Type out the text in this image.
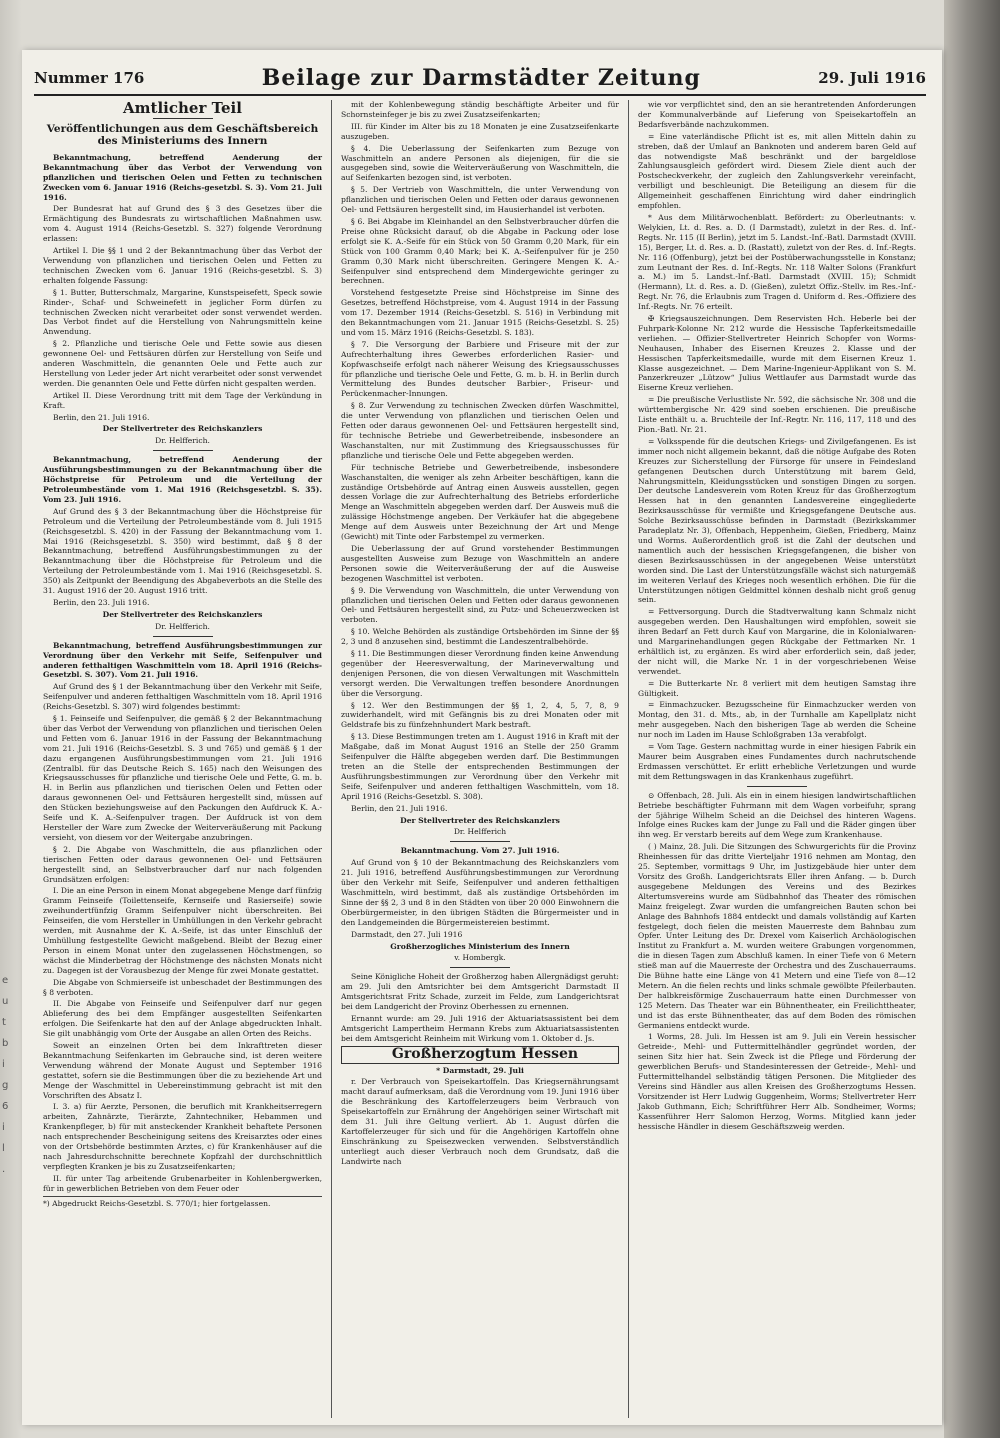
e
u
t
b
i
g
6
i
l
.
Nummer 176	Beilage zur Darmstädter Zeitung	29. Juli 1916

Amtlicher Teil

Veröffentlichungen aus dem Geschäftsbereich des Ministeriums des Innern

Bekanntmachung, betreffend Aenderung der Bekanntmachung über das Verbot der Verwendung von pflanzlichen und tierischen Oelen und Fetten zu technischen Zwecken vom 6. Januar 1916 (Reichs-gesetzbl. S. 3). Vom 21. Juli 1916.

Der Bundesrat hat auf Grund des § 3 des Gesetzes über die Ermächtigung des Bundesrats zu wirtschaftlichen Maßnahmen usw. vom 4. August 1914 (Reichs-Gesetzbl. S. 327) folgende Verordnung erlassen:

Artikel I. Die §§ 1 und 2 der Bekanntmachung über das Verbot der Verwendung von pflanzlichen und tierischen Oelen und Fetten zu technischen Zwecken vom 6. Januar 1916 (Reichs-gesetzbl. S. 3) erhalten folgende Fassung:

§ 1. Butter, Butterschmalz, Margarine, Kunstspeisefett, Speck sowie Rinder-, Schaf- und Schweinefett in jeglicher Form dürfen zu technischen Zwecken nicht verarbeitet oder sonst verwendet werden. Das Verbot findet auf die Herstellung von Nahrungsmitteln keine Anwendung.

§ 2. Pflanzliche und tierische Oele und Fette sowie aus diesen gewonnene Oel- und Fettsäuren dürfen zur Herstellung von Seife und anderen Waschmitteln, die genannten Oele und Fette auch zur Herstellung von Leder jeder Art nicht verarbeitet oder sonst verwendet werden. Die genannten Oele und Fette dürfen nicht gespalten werden.

Artikel II. Diese Verordnung tritt mit dem Tage der Verkündung in Kraft.

Berlin, den 21. Juli 1916.

Der Stellvertreter des Reichskanzlers

Dr. Helfferich.

Bekanntmachung, betreffend Aenderung der Ausführungsbestimmungen zu der Bekanntmachung über die Höchstpreise für Petroleum und die Verteilung der Petroleumbestände vom 1. Mai 1916 (Reichsgesetzbl. S. 35). Vom 23. Juli 1916.

Auf Grund des § 3 der Bekanntmachung über die Höchstpreise für Petroleum und die Verteilung der Petroleumbestände vom 8. Juli 1915 (Reichsgesetzbl. S. 420) in der Fassung der Bekanntmachung vom 1. Mai 1916 (Reichsgesetzbl. S. 350) wird bestimmt, daß § 8 der Bekanntmachung, betreffend Ausführungsbestimmungen zu der Bekanntmachung über die Höchstpreise für Petroleum und die Verteilung der Petroleumbestände vom 1. Mai 1916 (Reichsgesetzbl. S. 350) als Zeitpunkt der Beendigung des Abgabeverbots an die Stelle des 31. August 1916 der 20. August 1916 tritt.

Berlin, den 23. Juli 1916.

Der Stellvertreter des Reichskanzlers

Dr. Helfferich.

Bekanntmachung, betreffend Ausführungsbestimmungen zur Verordnung über den Verkehr mit Seife, Seifenpulver und anderen fetthaltigen Waschmitteln vom 18. April 1916 (Reichs-Gesetzbl. S. 307). Vom 21. Juli 1916.

Auf Grund des § 1 der Bekanntmachung über den Verkehr mit Seife, Seifenpulver und anderen fetthaltigen Waschmitteln vom 18. April 1916 (Reichs-Gesetzbl. S. 307) wird folgendes bestimmt:

§ 1. Feinseife und Seifenpulver, die gemäß § 2 der Bekanntmachung über das Verbot der Verwendung von pflanzlichen und tierischen Oelen und Fetten vom 6. Januar 1916 in der Fassung der Bekanntmachung vom 21. Juli 1916 (Reichs-Gesetzbl. S. 3 und 765) und gemäß § 1 der dazu ergangenen Ausführungsbestimmungen vom 21. Juli 1916 (Zentralbl. für das Deutsche Reich S. 165) nach den Weisungen des Kriegsausschusses für pflanzliche und tierische Oele und Fette, G. m. b. H. in Berlin aus pflanzlichen und tierischen Oelen und Fetten oder daraus gewonnenen Oel- und Fettsäuren hergestellt sind, müssen auf den Stücken beziehungsweise auf den Packungen den Aufdruck K. A.-Seife und K. A.-Seifenpulver tragen. Der Aufdruck ist von dem Hersteller der Ware zum Zwecke der Weiterveräußerung mit Packung versieht, von diesem vor der Weitergabe anzubringen.

§ 2. Die Abgabe von Waschmitteln, die aus pflanzlichen oder tierischen Fetten oder daraus gewonnenen Oel- und Fettsäuren hergestellt sind, an Selbstverbraucher darf nur nach folgenden Grundsätzen erfolgen:

I. Die an eine Person in einem Monat abgegebene Menge darf fünfzig Gramm Feinseife (Toilettenseife, Kernseife und Rasierseife) sowie zweihundertfünfzig Gramm Seifenpulver nicht überschreiten. Bei Feinseifen, die vom Hersteller in Umhüllungen in den Verkehr gebracht werden, mit Ausnahme der K. A.-Seife, ist das unter Einschluß der Umhüllung festgestellte Gewicht maßgebend. Bleibt der Bezug einer Person in einem Monat unter den zugelassenen Höchstmengen, so wächst die Minderbetrag der Höchstmenge des nächsten Monats nicht zu. Dagegen ist der Vorausbezug der Menge für zwei Monate gestattet.

Die Abgabe von Schmierseife ist unbeschadet der Bestimmungen des § 8 verboten.

II. Die Abgabe von Feinseife und Seifenpulver darf nur gegen Ablieferung des bei dem Empfänger ausgestellten Seifenkarten erfolgen. Die Seifenkarte hat den auf der Anlage abgedruckten Inhalt. Sie gilt unabhängig vom Orte der Ausgabe an allen Orten des Reichs.

Soweit an einzelnen Orten bei dem Inkrafttreten dieser Bekanntmachung Seifenkarten im Gebrauche sind, ist deren weitere Verwendung während der Monate August und September 1916 gestattet, sofern sie die Bestimmungen über die zu beziehende Art und Menge der Waschmittel in Uebereinstimmung gebracht ist mit den Vorschriften des Absatz I.

I. 3. a) für Aerzte, Personen, die beruflich mit Krankheitserregern arbeiten, Zahnärzte, Tierärzte, Zahntechniker, Hebammen und Krankenpfleger, b) für mit ansteckender Krankheit behaftete Personen nach entsprechender Bescheinigung seitens des Kreisarztes oder eines von der Ortsbehörde bestimmten Arztes, c) für Krankenhäuser auf die nach Jahresdurchschnitte berechnete Kopfzahl der durchschnittlich verpflegten Kranken je bis zu Zusatzseifenkarten;

II. für unter Tag arbeitende Grubenarbeiter in Kohlenbergwerken, für in gewerblichen Betrieben von dem Feuer oder

*) Abgedruckt Reichs-Gesetzbl. S. 770/1; hier fortgelassen.

mit der Kohlenbewegung ständig beschäftigte Arbeiter und für Schornsteinfeger je bis zu zwei Zusatzseifenkarten;

III. für Kinder im Alter bis zu 18 Monaten je eine Zusatzseifenkarte auszugeben.

§ 4. Die Ueberlassung der Seifenkarten zum Bezuge von Waschmitteln an andere Personen als diejenigen, für die sie ausgegeben sind, sowie die Weiterveräußerung von Waschmitteln, die auf Seifenkarten bezogen sind, ist verboten.

§ 5. Der Vertrieb von Waschmitteln, die unter Verwendung von pflanzlichen und tierischen Oelen und Fetten oder daraus gewonnenen Oel- und Fettsäuren hergestellt sind, im Hausierhandel ist verboten.

§ 6. Bei Abgabe im Kleinhandel an den Selbstverbraucher dürfen die Preise ohne Rücksicht darauf, ob die Abgabe in Packung oder lose erfolgt sie K. A.-Seife für ein Stück von 50 Gramm 0,20 Mark, für ein Stück von 100 Gramm 0,40 Mark; bei K. A.-Seifenpulver für je 250 Gramm 0,30 Mark nicht überschreiten. Geringere Mengen K. A.-Seifenpulver sind entsprechend dem Mindergewichte geringer zu berechnen.

Vorstehend festgesetzte Preise sind Höchstpreise im Sinne des Gesetzes, betreffend Höchstpreise, vom 4. August 1914 in der Fassung vom 17. Dezember 1914 (Reichs-Gesetzbl. S. 516) in Verbindung mit den Bekanntmachungen vom 21. Januar 1915 (Reichs-Gesetzbl. S. 25) und vom 15. März 1916 (Reichs-Gesetzbl. S. 183).

§ 7. Die Versorgung der Barbiere und Friseure mit der zur Aufrechterhaltung ihres Gewerbes erforderlichen Rasier- und Kopfwaschseife erfolgt nach näherer Weisung des Kriegsausschusses für pflanzliche und tierische Oele und Fette, G. m. b. H. in Berlin durch Vermittelung des Bundes deutscher Barbier-, Friseur- und Perückenmacher-Innungen.

§ 8. Zur Verwendung zu technischen Zwecken dürfen Waschmittel, die unter Verwendung von pflanzlichen und tierischen Oelen und Fetten oder daraus gewonnenen Oel- und Fettsäuren hergestellt sind, für technische Betriebe und Gewerbetreibende, insbesondere an Waschanstalten, nur mit Zustimmung des Kriegsausschusses für pflanzliche und tierische Oele und Fette abgegeben werden.

Für technische Betriebe und Gewerbetreibende, insbesondere Waschanstalten, die weniger als zehn Arbeiter beschäftigen, kann die zuständige Ortsbehörde auf Antrag einen Ausweis ausstellen, gegen dessen Vorlage die zur Aufrechterhaltung des Betriebs erforderliche Menge an Waschmitteln abgegeben werden darf. Der Ausweis muß die zulässige Höchstmenge angeben. Der Verkäufer hat die abgegebene Menge auf dem Ausweis unter Bezeichnung der Art und Menge (Gewicht) mit Tinte oder Farbstempel zu vermerken.

Die Ueberlassung der auf Grund vorstehender Bestimmungen ausgestellten Ausweise zum Bezuge von Waschmitteln an andere Personen sowie die Weiterveräußerung der auf die Ausweise bezogenen Waschmittel ist verboten.

§ 9. Die Verwendung von Waschmitteln, die unter Verwendung von pflanzlichen und tierischen Oelen und Fetten oder daraus gewonnenen Oel- und Fettsäuren hergestellt sind, zu Putz- und Scheuerzwecken ist verboten.

§ 10. Welche Behörden als zuständige Ortsbehörden im Sinne der §§ 2, 3 und 8 anzusehen sind, bestimmt die Landeszentralbehörde.

§ 11. Die Bestimmungen dieser Verordnung finden keine Anwendung gegenüber der Heeresverwaltung, der Marineverwaltung und denjenigen Personen, die von diesen Verwaltungen mit Waschmitteln versorgt werden. Die Verwaltungen treffen besondere Anordnungen über die Versorgung.

§ 12. Wer den Bestimmungen der §§ 1, 2, 4, 5, 7, 8, 9 zuwiderhandelt, wird mit Gefängnis bis zu drei Monaten oder mit Geldstrafe bis zu fünfzehnhundert Mark bestraft.

§ 13. Diese Bestimmungen treten am 1. August 1916 in Kraft mit der Maßgabe, daß im Monat August 1916 an Stelle der 250 Gramm Seifenpulver die Hälfte abgegeben werden darf. Die Bestimmungen treten an die Stelle der entsprechenden Bestimmungen der Ausführungsbestimmungen zur Verordnung über den Verkehr mit Seife, Seifenpulver und anderen fetthaltigen Waschmitteln, vom 18. April 1916 (Reichs-Gesetzbl. S. 308).

Berlin, den 21. Juli 1916.

Der Stellvertreter des Reichskanzlers

Dr. Helfferich

Bekanntmachung. Vom 27. Juli 1916.

Auf Grund von § 10 der Bekanntmachung des Reichskanzlers vom 21. Juli 1916, betreffend Ausführungsbestimmungen zur Verordnung über den Verkehr mit Seife, Seifenpulver und anderen fetthaltigen Waschmitteln, wird bestimmt, daß als zuständige Ortsbehörden im Sinne der §§ 2, 3 und 8 in den Städten von über 20 000 Einwohnern die Oberbürgermeister, in den übrigen Städten die Bürgermeister und in den Landgemeinden die Bürgermeistereien bestimmt.

Darmstadt, den 27. Juli 1916

Großherzogliches Ministerium des Innern

v. Hombergk.

Seine Königliche Hoheit der Großherzog haben Allergnädigst geruht: am 29. Juli den Amtsrichter bei dem Amtsgericht Darmstadt II Amtsgerichtsrat Fritz Schade, zurzeit im Felde, zum Landgerichtsrat bei dem Landgericht der Provinz Oberhessen zu ernennen.

Ernannt wurde: am 29. Juli 1916 der Aktuariatsassistent bei dem Amtsgericht Lampertheim Hermann Krebs zum Aktuariatsassistenten bei dem Amtsgericht Reinheim mit Wirkung vom 1. Oktober d. Js.

Großherzogtum Hessen

* Darmstadt, 29. Juli

r. Der Verbrauch von Speisekartoffeln. Das Kriegsernährungsamt macht darauf aufmerksam, daß die Verordnung vom 19. Juni 1916 über die Beschränkung des Kartoffelerzeugers beim Verbrauch von Speisekartoffeln zur Ernährung der Angehörigen seiner Wirtschaft mit dem 31. Juli ihre Geltung verliert. Ab 1. August dürfen die Kartoffelerzeuger für sich und für die Angehörigen Kartoffeln ohne Einschränkung zu Speisezwecken verwenden. Selbstverständlich unterliegt auch dieser Verbrauch noch dem Grundsatz, daß die Landwirte nach

wie vor verpflichtet sind, den an sie herantretenden Anforderungen der Kommunalverbände auf Lieferung von Speisekartoffeln an Bedarfsverbände nachzukommen.

= Eine vaterländische Pflicht ist es, mit allen Mitteln dahin zu streben, daß der Umlauf an Banknoten und anderem baren Geld auf das notwendigste Maß beschränkt und der bargeldlose Zahlungsausgleich gefördert wird. Diesem Ziele dient auch der Postscheckverkehr, der zugleich den Zahlungsverkehr vereinfacht, verbilligt und beschleunigt. Die Beteiligung an diesem für die Allgemeinheit geschaffenen Einrichtung wird daher eindringlich empfohlen.

* Aus dem Militärwochenblatt. Befördert: zu Oberleutnants: v. Welykien, Lt. d. Res. a. D. (I Darmstadt), zuletzt in der Res. d. Inf.-Regts. Nr. 115 (II Berlin), jetzt im 5. Landst.-Inf.-Batl. Darmstadt (XVIII. 15), Berger, Lt. d. Res. a. D. (Rastatt), zuletzt von der Res. d. Inf.-Regts. Nr. 116 (Offenburg), jetzt bei der Postüberwachungsstelle in Konstanz; zum Leutnant der Res. d. Inf.-Regts. Nr. 118 Walter Solons (Frankfurt a. M.) im 5. Landst.-Inf.-Batl. Darmstadt (XVIII. 15); Schmidt (Hermann), Lt. d. Res. a. D. (Gießen), zuletzt Offiz.-Stellv. im Res.-Inf.-Regt. Nr. 76, die Erlaubnis zum Tragen d. Uniform d. Res.-Offiziere des Inf.-Regts. Nr. 76 erteilt.

✠ Kriegsauszeichnungen. Dem Reservisten Hch. Heberle bei der Fuhrpark-Kolonne Nr. 212 wurde die Hessische Tapferkeitsmedaille verliehen. — Offizier-Stellvertreter Heinrich Schopfer von Worms-Neuhausen, Inhaber des Eisernen Kreuzes 2. Klasse und der Hessischen Tapferkeitsmedaille, wurde mit dem Eisernen Kreuz 1. Klasse ausgezeichnet. — Dem Marine-Ingenieur-Applikant von S. M. Panzerkreuzer „Lützow“ Julius Wettlaufer aus Darmstadt wurde das Eiserne Kreuz verliehen.

= Die preußische Verlustliste Nr. 592, die sächsische Nr. 308 und die württembergische Nr. 429 sind soeben erschienen. Die preußische Liste enthält u. a. Bruchteile der Inf.-Regtr. Nr. 116, 117, 118 und des Pion.-Batl. Nr. 21.

= Volksspende für die deutschen Kriegs- und Zivilgefangenen. Es ist immer noch nicht allgemein bekannt, daß die nötige Aufgabe des Roten Kreuzes zur Sicherstellung der Fürsorge für unsere in Feindesland gefangenen Deutschen durch Unterstützung mit barem Geld, Nahrungsmitteln, Kleidungsstücken und sonstigen Dingen zu sorgen. Der deutsche Landesverein vom Roten Kreuz für das Großherzogtum Hessen hat in den genannten Landesvereine eingegliederte Bezirksausschüsse für vermißte und Kriegsgefangene Deutsche aus. Solche Bezirksausschüsse befinden in Darmstadt (Bezirkskammer Paradeplatz Nr. 3), Offenbach, Heppenheim, Gießen, Friedberg, Mainz und Worms. Außerordentlich groß ist die Zahl der deutschen und namentlich auch der hessischen Kriegsgefangenen, die bisher von diesen Bezirksausschüssen in der angegebenen Weise unterstützt worden sind. Die Last der Unterstützungsfälle wächst sich naturgemäß im weiteren Verlauf des Krieges noch wesentlich erhöhen. Die für die Unterstützungen nötigen Geldmittel können deshalb nicht groß genug sein.

= Fettversorgung. Durch die Stadtverwaltung kann Schmalz nicht ausgegeben werden. Den Haushaltungen wird empfohlen, soweit sie ihren Bedarf an Fett durch Kauf von Margarine, die in Kolonialwaren- und Margarinehandlungen gegen Rückgabe der Fettmarken Nr. 1 erhältlich ist, zu ergänzen. Es wird aber erforderlich sein, daß jeder, der nicht will, die Marke Nr. 1 in der vorgeschriebenen Weise verwendet.

= Die Butterkarte Nr. 8 verliert mit dem heutigen Samstag ihre Gültigkeit.

= Einmachzucker. Bezugsscheine für Einmachzucker werden von Montag, den 31. d. Mts., ab, in der Turnhalle am Kapellplatz nicht mehr ausgegeben. Nach den bisherigen Tage ab werden die Scheine nur noch im Laden im Hause Schloßgraben 13a verabfolgt.

= Vom Tage. Gestern nachmittag wurde in einer hiesigen Fabrik ein Maurer beim Ausgraben eines Fundamentes durch nachrutschende Erdmassen verschüttet. Er erlitt erhebliche Verletzungen und wurde mit dem Rettungswagen in das Krankenhaus zugeführt.

⊙ Offenbach, 28. Juli. Als ein in einem hiesigen landwirtschaftlichen Betriebe beschäftigter Fuhrmann mit dem Wagen vorbeifuhr, sprang der 5jährige Wilhelm Scheid an die Deichsel des hinteren Wagens. Infolge eines Ruckes kam der Junge zu Fall und die Räder gingen über ihn weg. Er verstarb bereits auf dem Wege zum Krankenhause.

( ) Mainz, 28. Juli. Die Sitzungen des Schwurgerichts für die Provinz Rheinhessen für das dritte Vierteljahr 1916 nehmen am Montag, den 25. September, vormittags 9 Uhr, im Justizgebäude hier unter dem Vorsitz des Großh. Landgerichtsrats Eller ihren Anfang. — b. Durch ausgegebene Meldungen des Vereins und des Bezirkes Altertumsvereins wurde am Südbahnhof das Theater des römischen Mainz freigelegt. Zwar wurden die umfangreichen Bauten schon bei Anlage des Bahnhofs 1884 entdeckt und damals vollständig auf Karten festgelegt, doch fielen die meisten Mauerreste dem Bahnbau zum Opfer. Unter Leitung des Dr. Drexel vom Kaiserlich Archäologischen Institut zu Frankfurt a. M. wurden weitere Grabungen vorgenommen, die in diesen Tagen zum Abschluß kamen. In einer Tiefe von 6 Metern stieß man auf die Mauerreste der Orchestra und des Zuschauerraums. Die Bühne hatte eine Länge von 41 Metern und eine Tiefe von 8—12 Metern. An die fielen rechts und links schmale gewölbte Pfeilerbauten. Der halbkreisförmige Zuschauerraum hatte einen Durchmesser von 125 Metern. Das Theater war ein Bühnentheater, ein Freilichttheater, und ist das erste Bühnentheater, das auf dem Boden des römischen Germaniens entdeckt wurde.

1 Worms, 28. Juli. Im Hessen ist am 9. Juli ein Verein hessischer Getreide-, Mehl- und Futtermittelhändler gegründet worden, der seinen Sitz hier hat. Sein Zweck ist die Pflege und Förderung der gewerblichen Berufs- und Standesinteressen der Getreide-, Mehl- und Futtermittelhandel selbständig tätigen Personen. Die Mitglieder des Vereins sind Händler aus allen Kreisen des Großherzogtums Hessen. Vorsitzender ist Herr Ludwig Guggenheim, Worms; Stellvertreter Herr Jakob Guthmann, Eich; Schriftführer Herr Alb. Sondheimer, Worms; Kassenführer Herr Salomon Herzog, Worms. Mitglied kann jeder hessische Händler in diesem Geschäftszweig werden.
